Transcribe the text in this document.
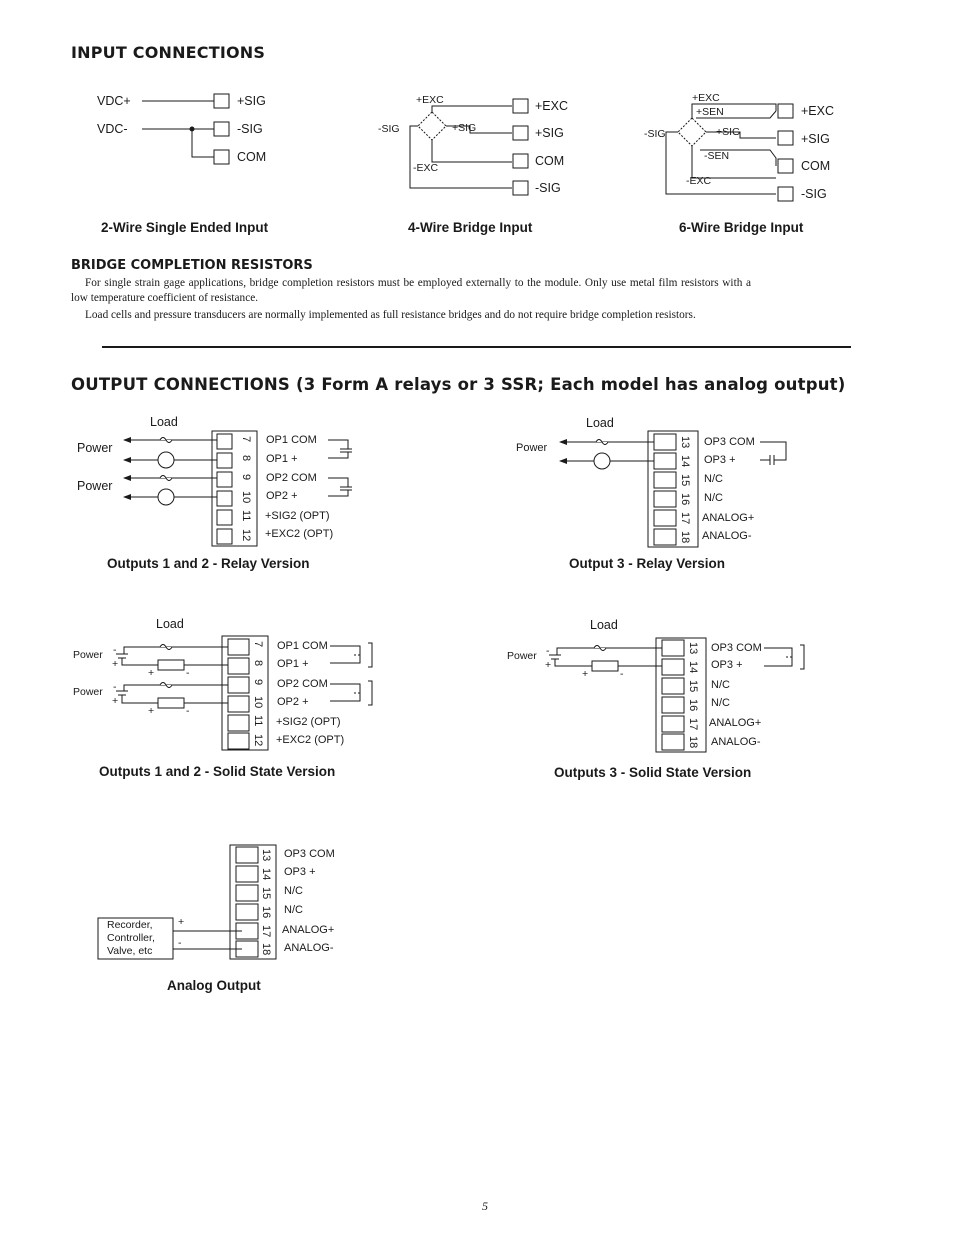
INPUT CONNECTIONS
VDC+
VDC-
+SIG
-SIG
COM
+EXC
-SIG	+SIG
-EXC
+EXC
+SIG
COM
-SIG
+EXC
+SEN
-SIG	+SIG
-SEN
-EXC
+EXC
+SIG
COM
-SIG
2-Wire Single Ended Input	4-Wire Bridge Input	6-Wire Bridge Input
BRIDGE COMPLETION RESISTORS
For single strain gage applications, bridge completion resistors must be employed externally to the module. Only use metal film resistors with a low temperature coefficient of resistance.
Load cells and pressure transducers are normally implemented as full resistance bridges and do not require bridge completion resistors.
OUTPUT CONNECTIONS (3 Form A relays or 3 SSR; Each model has analog output)
Load
Power
Power
7
8
9
10
11
12
OP1 COM
OP1 +
OP2 COM
OP2 +
+SIG2 (OPT)
+EXC2 (OPT)
Load
Power	13
14
15
16
17
18
OP3 COM
OP3 +
N/C
N/C
ANALOG+
ANALOG-
Load
Power
Power
-
+
+	-
-
+
+	-
7
8
9
10
11
12
OP1 COM
OP1 +
OP2 COM
OP2 +
+SIG2 (OPT)
+EXC2 (OPT)
Load
Power -
+
+	-
13
14
15
16
17
18
OP3 COM
OP3 +
N/C
N/C
ANALOG+
ANALOG-
13
14
15
16
17
18
OP3 COM
OP3 +
N/C
N/C
ANALOG+
ANALOG-
Recorder,
Controller,
Valve, etc
+
-
Outputs 1 and 2 - Relay Version	Output 3 - Relay Version
Outputs 1 and 2 - Solid State Version	Outputs 3 - Solid State Version
Analog Output
5
